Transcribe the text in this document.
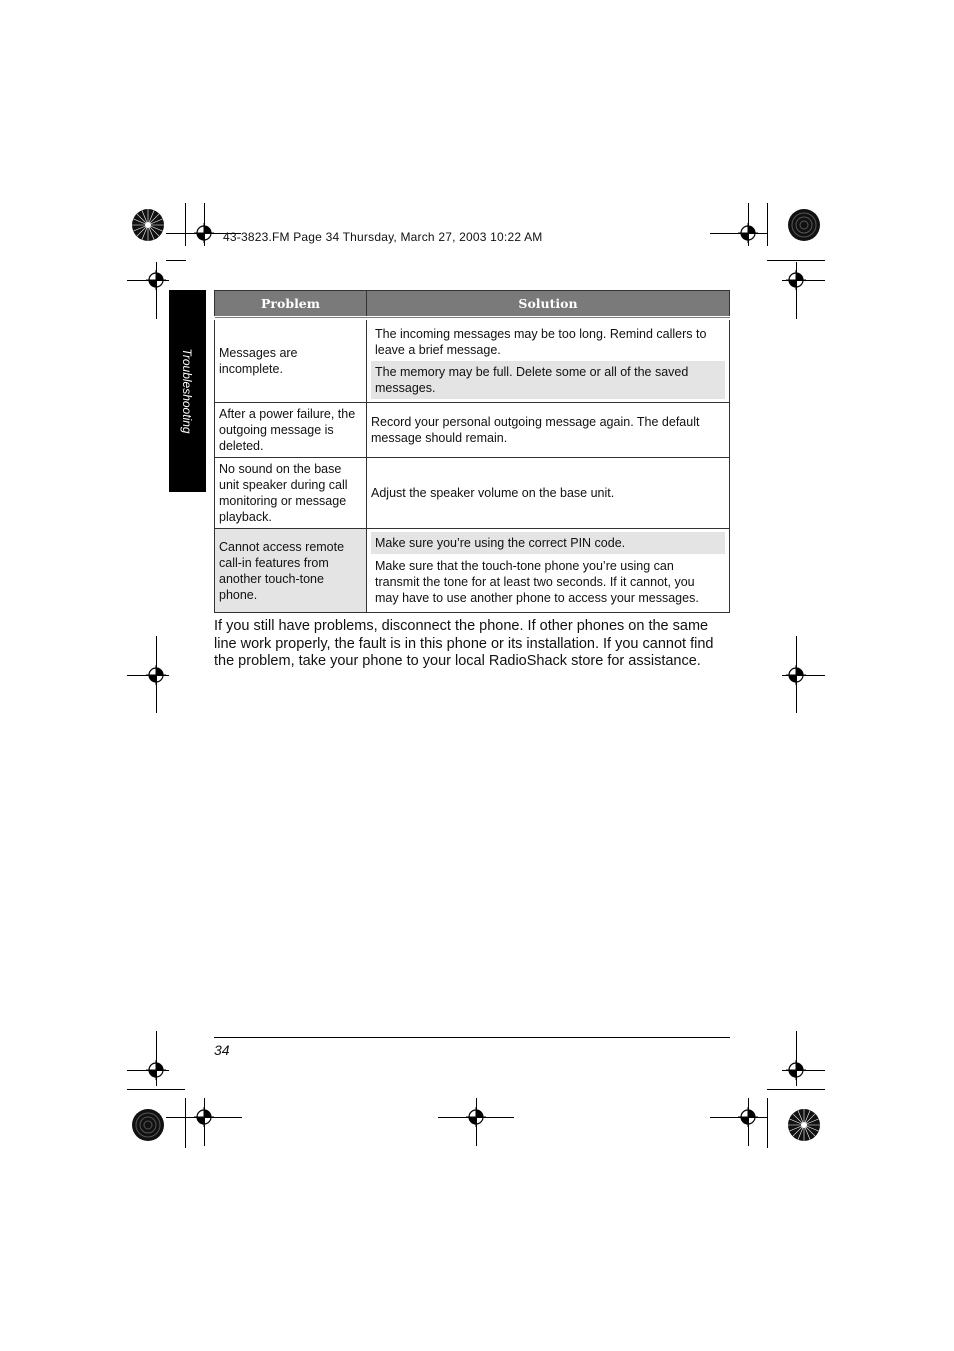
43-3823.FM Page 34 Thursday, March 27, 2003 10:22 AM
Troubleshooting
Problem	Solution
Messages are incomplete.	The incoming messages may be too long. Remind callers to leave a brief message.
The memory may be full. Delete some or all of the saved messages.

After a power failure, the outgoing message is deleted.	Record your personal outgoing message again. The default message should remain.
No sound on the base unit speaker during call monitoring or message playback.	Adjust the speaker volume on the base unit.
Cannot access remote call-in features from another touch-tone phone.	Make sure you’re using the correct PIN code.
Make sure that the touch-tone phone you’re using can transmit the tone for at least two seconds. If it cannot, you may have to use another phone to access your messages.

If you still have problems, disconnect the phone. If other phones on the same line work properly, the fault is in this phone or its installation. If you cannot find the problem, take your phone to your local RadioShack store for assistance.

34
